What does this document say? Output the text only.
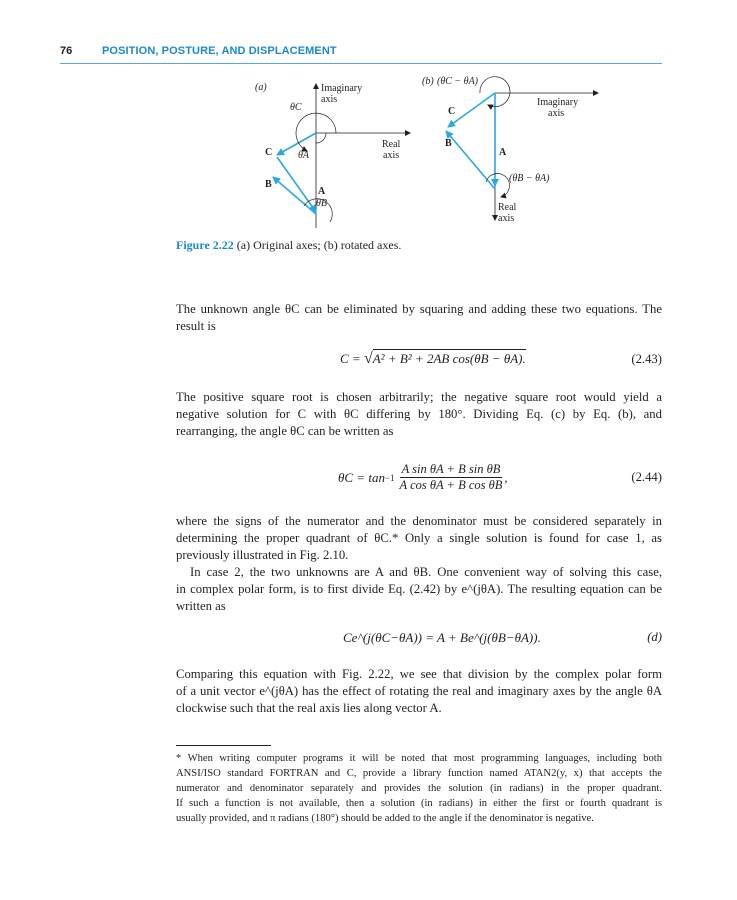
76	POSITION, POSTURE, AND DISPLACEMENT
(a)	Imaginary
axis
Real
axis
θC
θA
θB
C
B
A
(b) (θC − θA)
Imaginary
axis
Real
axis
(θB − θA)
C
B
A
Figure 2.22 (a) Original axes; (b) rotated axes.

The unknown angle θC can be eliminated by squaring and adding these two equations. The

result is

C = √A² + B² + 2AB cos(θB − θA).	(2.43)

The positive square root is chosen arbitrarily; the negative square root would yield a

negative solution for C with θC differing by 180°. Dividing Eq. (c) by Eq. (b), and

rearranging, the angle θC can be written as

$\theta C = \tan -1 \frac{\text{A sin θA + B sin θB}}{\text{A cos θA + B cos θB}}$ ,	(2.44)

where the signs of the numerator and the denominator must be considered separately in

determining the proper quadrant of θC.* Only a single solution is found for case 1, as

previously illustrated in Fig. 2.10.

In case 2, the two unknowns are A and θB. One convenient way of solving this case,

in complex polar form, is to first divide Eq. (2.42) by e^(jθA). The resulting equation can be

written as

Ce^(j(θC−θA)) = A + Be^(j(θB−θA)).	(d)

Comparing this equation with Fig. 2.22, we see that division by the complex polar form

of a unit vector e^(jθA) has the effect of rotating the real and imaginary axes by the angle θA

clockwise such that the real axis lies along vector A.

* When writing computer programs it will be noted that most programming languages, including both

ANSI/ISO standard FORTRAN and C, provide a library function named ATAN2(y, x) that accepts the

numerator and denominator separately and provides the solution (in radians) in the proper quadrant.

If such a function is not available, then a solution (in radians) in either the first or fourth quadrant is

usually provided, and π radians (180°) should be added to the angle if the denominator is negative.
